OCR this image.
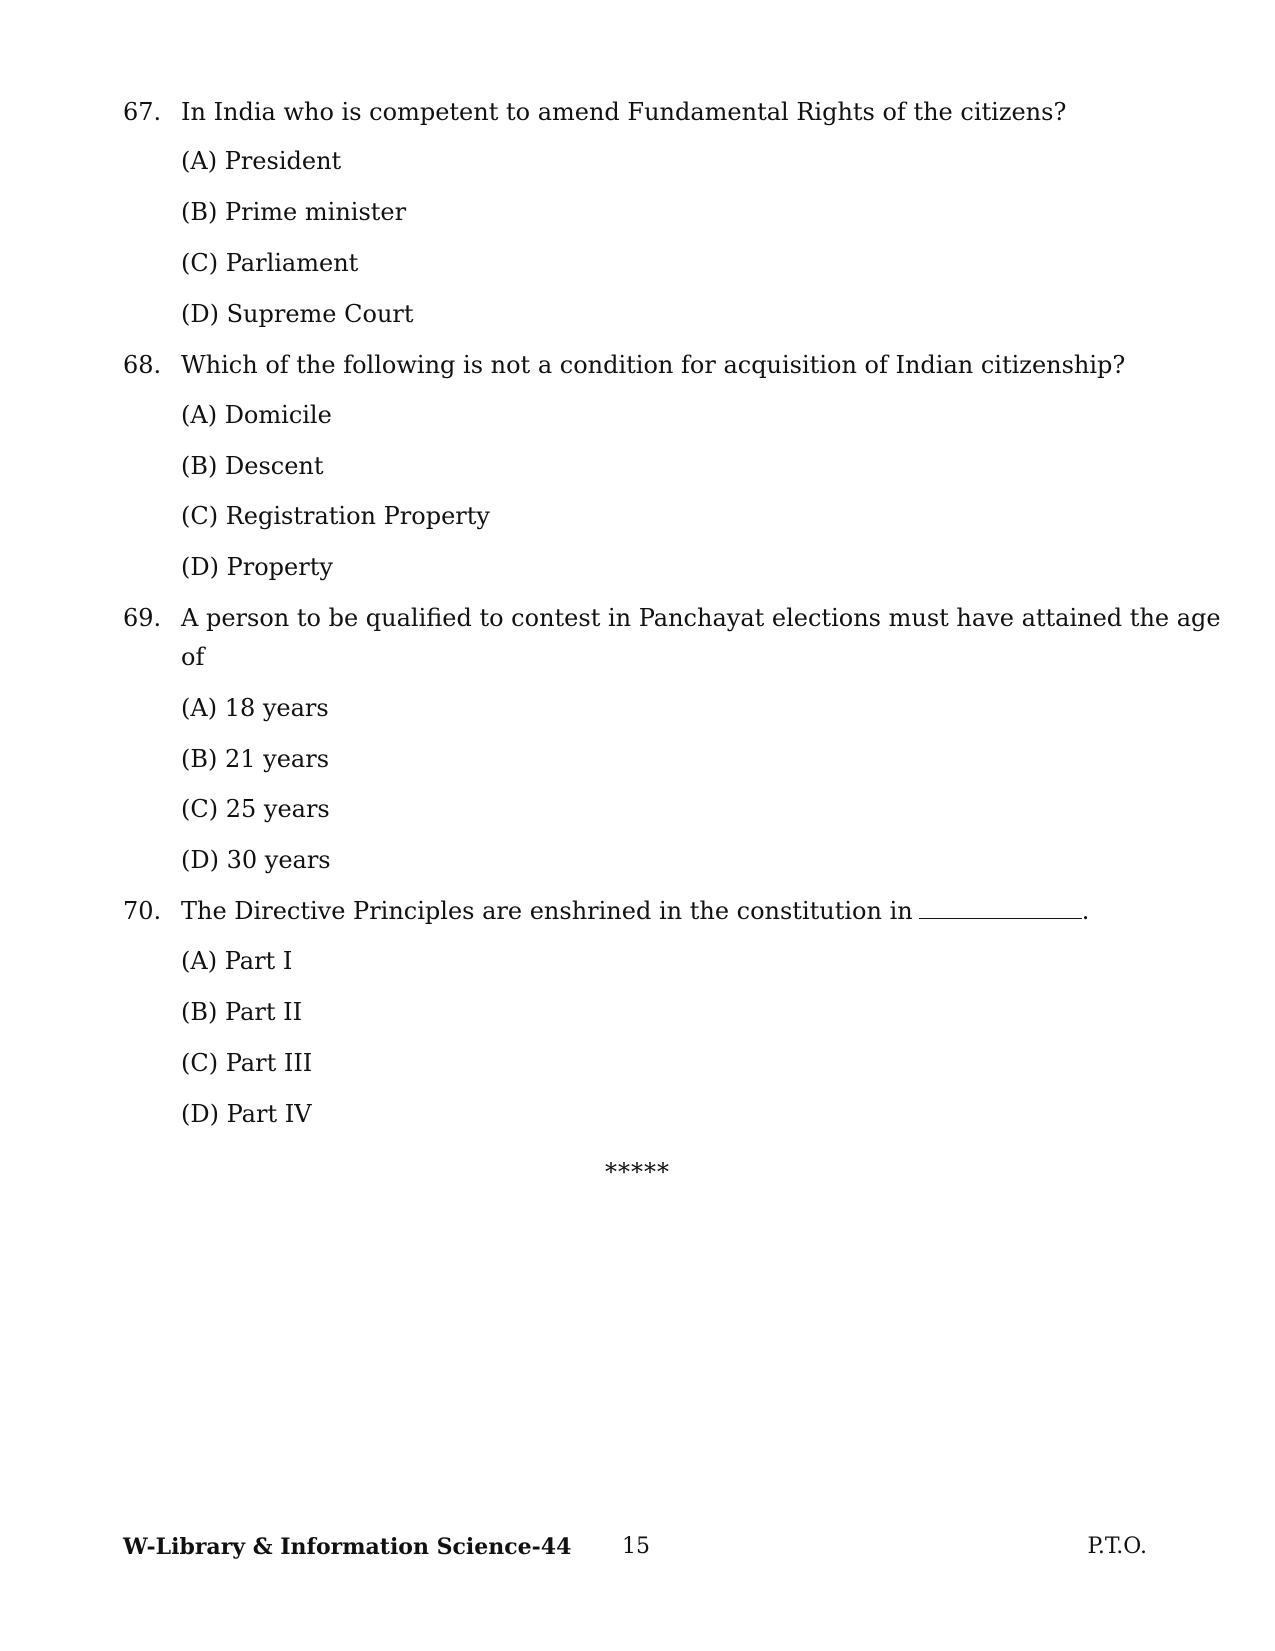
67. In India who is competent to amend Fundamental Rights of the citizens?
(A) President
(B) Prime minister
(C) Parliament
(D) Supreme Court
68. Which of the following is not a condition for acquisition of Indian citizenship?
(A) Domicile
(B) Descent
(C) Registration Property
(D) Property
69. A person to be qualified to contest in Panchayat elections must have attained the age
of
(A) 18 years
(B) 21 years
(C) 25 years
(D) 30 years
70. The Directive Principles are enshrined in the constitution in	.
(A) Part I
(B) Part II
(C) Part III
(D) Part IV
*****
W-Library & Information Science-44 15	P.T.O.
